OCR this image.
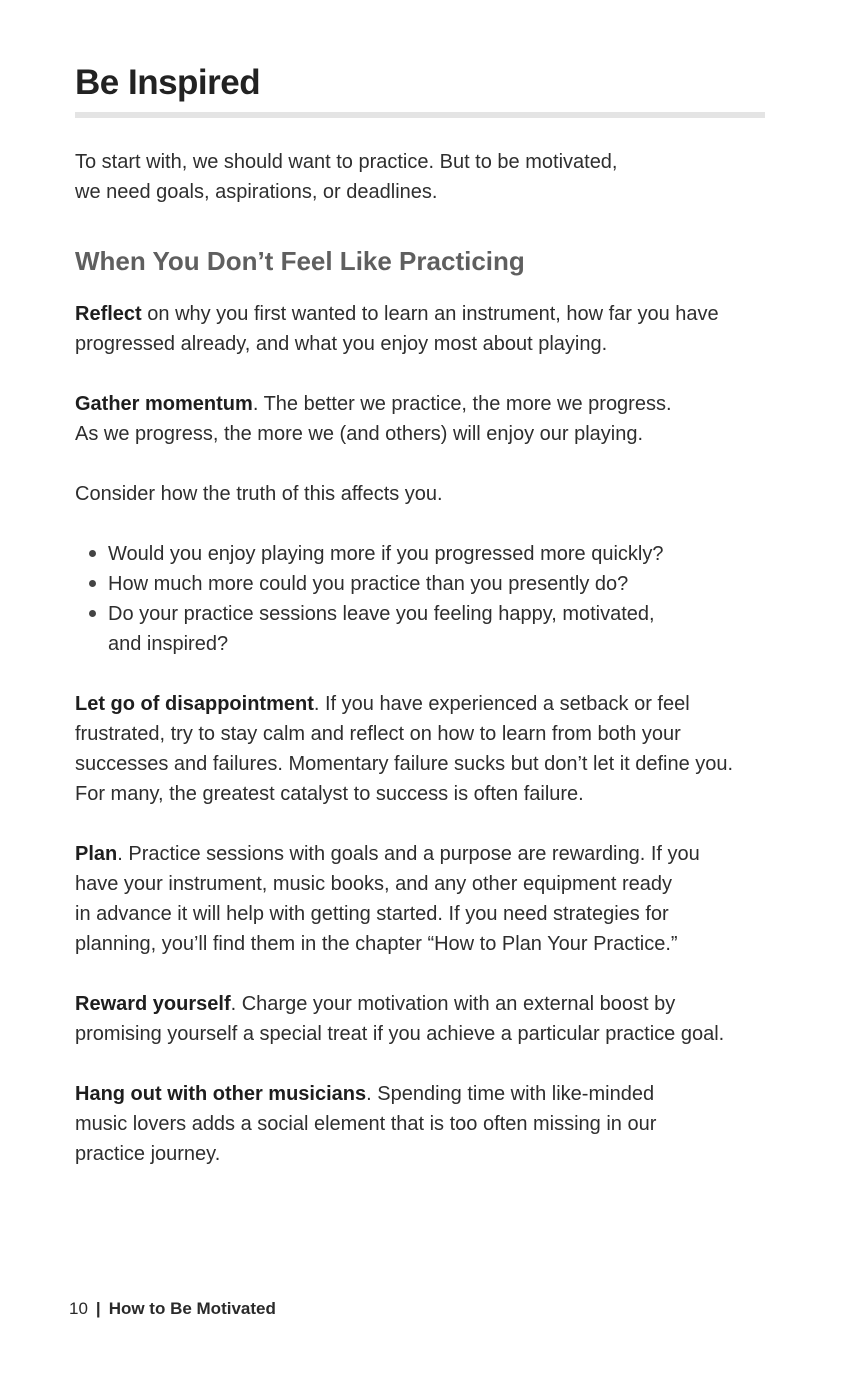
Be Inspired

To start with, we should want to practice. But to be motivated,
we need goals, aspirations, or deadlines.

When You Don’t Feel Like Practicing

Reflect on why you first wanted to learn an instrument, how far you have progressed already, and what you enjoy most about playing.

Gather momentum. The better we practice, the more we progress.
As we progress, the more we (and others) will enjoy our playing.

Consider how the truth of this affects you.

Would you enjoy playing more if you progressed more quickly?
How much more could you practice than you presently do?
Do your practice sessions leave you feeling happy, motivated,
and inspired?

Let go of disappointment. If you have experienced a setback or feel frustrated, try to stay calm and reflect on how to learn from both your successes and failures. Momentary failure sucks but don’t let it define you. For many, the greatest catalyst to success is often failure.

Plan. Practice sessions with goals and a purpose are rewarding. If you
have your instrument, music books, and any other equipment ready
in advance it will help with getting started. If you need strategies for
planning, you’ll find them in the chapter “How to Plan Your Practice.”

Reward yourself. Charge your motivation with an external boost by promising yourself a special treat if you achieve a particular practice goal.

Hang out with other musicians. Spending time with like-minded
music lovers adds a social element that is too often missing in our
practice journey.

10 | How to Be Motivated
